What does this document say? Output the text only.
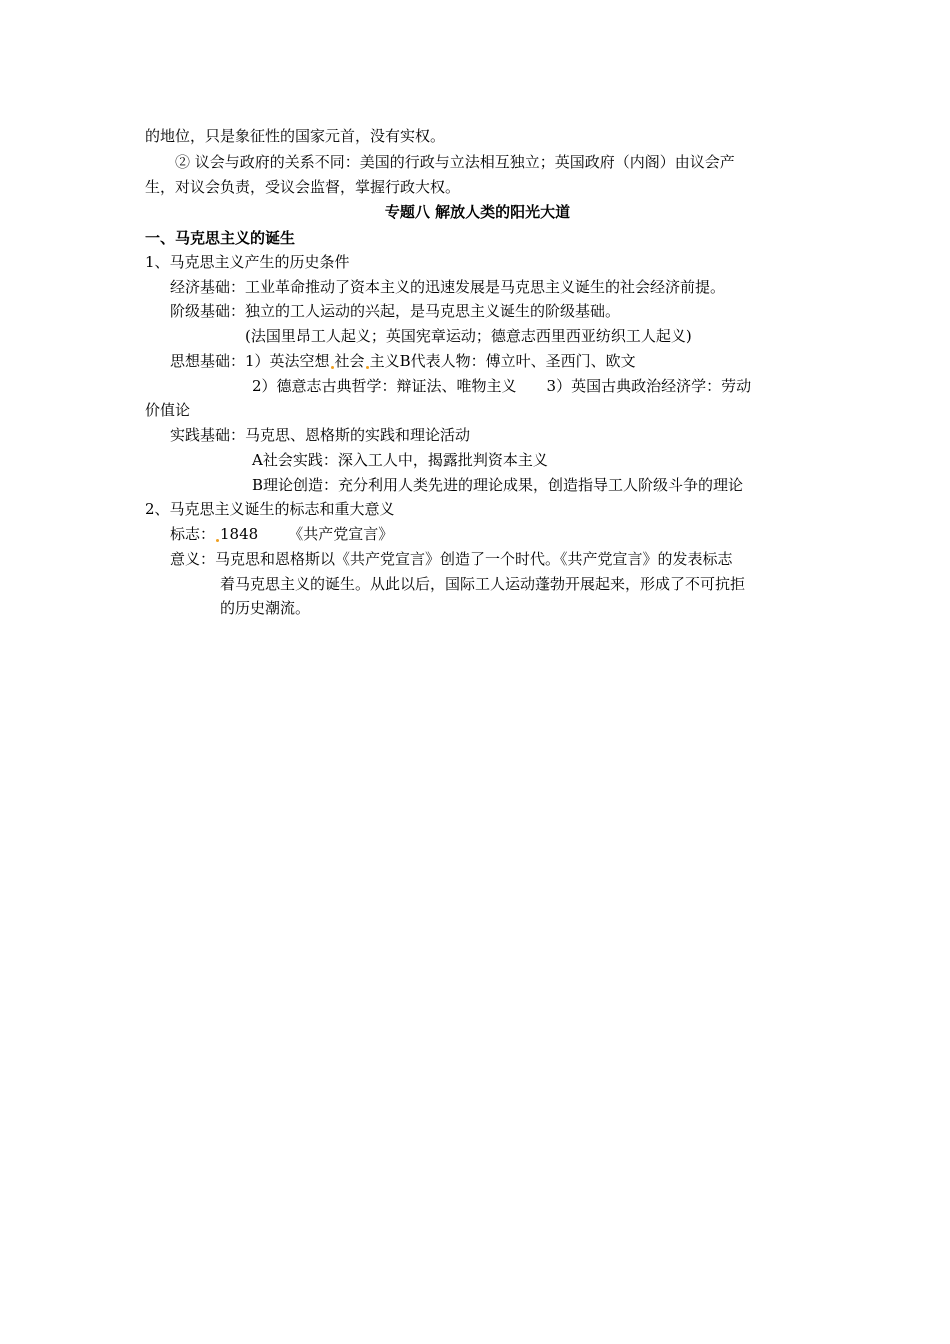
的地位，只是象征性的国家元首，没有实权。
② 议会与政府的关系不同：美国的行政与立法相互独立；英国政府（内阁）由议会产
生，对议会负责，受议会监督，掌握行政大权。
专题八 解放人类的阳光大道
一、马克思主义的诞生
1、马克思主义产生的历史条件
经济基础：工业革命推动了资本主义的迅速发展是马克思主义诞生的社会经济前提。
阶级基础：独立的工人运动的兴起，是马克思主义诞生的阶级基础。
(法国里昂工人起义；英国宪章运动；德意志西里西亚纺织工人起义)
思想基础：1）英法空想 社会 主义B代表人物：傅立叶、圣西门、欧文
2）德意志古典哲学：辩证法、唯物主义 3）英国古典政治经济学：劳动
价值论
实践基础：马克思、恩格斯的实践和理论活动
A社会实践：深入工人中，揭露批判资本主义
B理论创造：充分利用人类先进的理论成果，创造指导工人阶级斗争的理论
2、马克思主义诞生的标志和重大意义
标志： 1848 《共产党宣言》
意义：马克思和恩格斯以《共产党宣言》创造了一个时代。《共产党宣言》的发表标志
着马克思主义的诞生。从此以后，国际工人运动蓬勃开展起来，形成了不可抗拒
的历史潮流。
